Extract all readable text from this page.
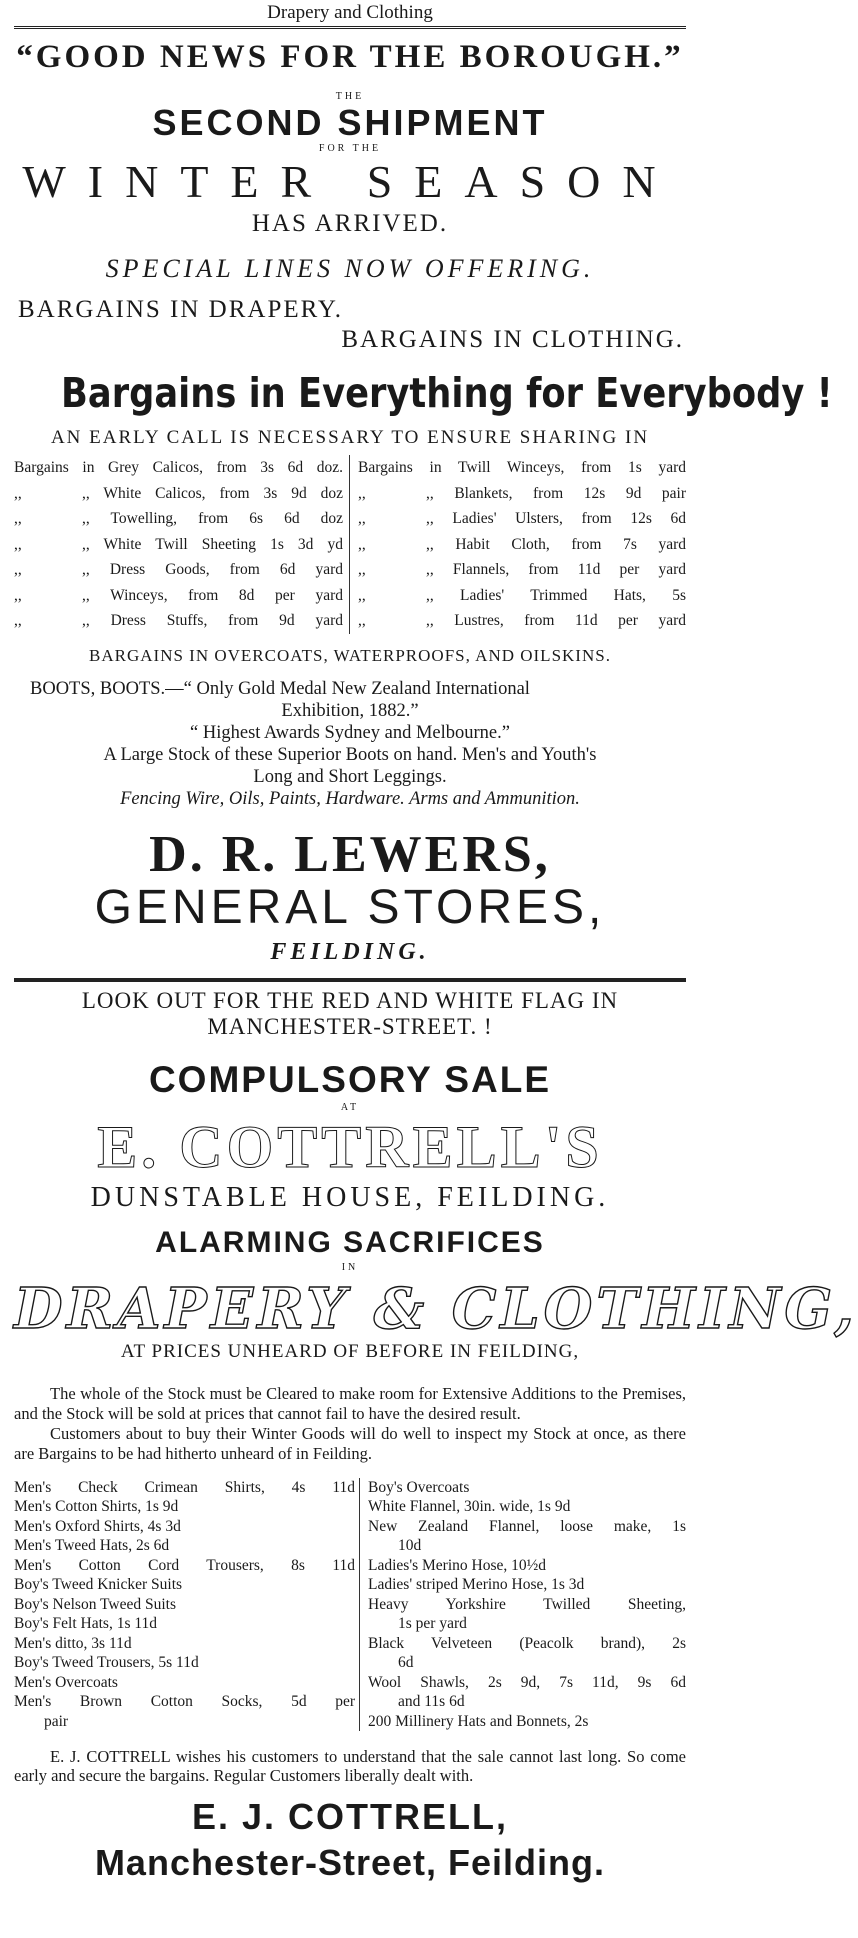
Drapery and Clothing
“GOOD NEWS FOR THE BOROUGH.”
THE
SECOND SHIPMENT
FOR THE
WINTER SEASON
HAS ARRIVED.
SPECIAL LINES NOW OFFERING.
BARGAINS IN DRAPERY.
BARGAINS IN CLOTHING.
Bargains in Everything for Everybody !
AN EARLY CALL IS NECESSARY TO ENSURE SHARING IN
Bargains in Grey Calicos, from 3s 6d doz.
,,	,, White Calicos, from 3s 9d doz
,,	,, Towelling, from 6s 6d doz
,,	,, White Twill Sheeting 1s 3d yd
,,	,, Dress Goods, from 6d yard
,,	,, Winceys, from 8d per yard
,,	,, Dress Stuffs, from 9d yard
Bargains in Twill Winceys, from 1s yard
,,	,, Blankets, from 12s 9d pair
,,	,, Ladies' Ulsters, from 12s 6d
,,	,, Habit Cloth, from 7s yard
,,	,, Flannels, from 11d per yard
,,	,, Ladies' Trimmed Hats, 5s
,,	,, Lustres, from 11d per yard
BARGAINS IN OVERCOATS, WATERPROOFS, AND OILSKINS.

BOOTS, BOOTS.—“ Only Gold Medal New Zealand International

Exhibition, 1882.”

“ Highest Awards Sydney and Melbourne.”

A Large Stock of these Superior Boots on hand. Men's and Youth's

Long and Short Leggings.

Fencing Wire, Oils, Paints, Hardware. Arms and Ammunition.

D. R. LEWERS,
GENERAL STORES,
FEILDING.
LOOK OUT FOR THE RED AND WHITE FLAG IN
MANCHESTER-STREET. !
COMPULSORY SALE
AT
E. COTTRELL'S
DUNSTABLE HOUSE, FEILDING.
ALARMING SACRIFICES
IN
DRAPERY & CLOTHING,
AT PRICES UNHEARD OF BEFORE IN FEILDING,

The whole of the Stock must be Cleared to make room for Extensive Additions to the Premises, and the Stock will be sold at prices that cannot fail to have the desired result.

Customers about to buy their Winter Goods will do well to inspect my Stock at once, as there are Bargains to be had hitherto unheard of in Feilding.

Men's Check Crimean Shirts, 4s 11d
Men's Cotton Shirts, 1s 9d
Men's Oxford Shirts, 4s 3d
Men's Tweed Hats, 2s 6d
Men's Cotton Cord Trousers, 8s 11d
Boy's Tweed Knicker Suits
Boy's Nelson Tweed Suits
Boy's Felt Hats, 1s 11d
Men's ditto, 3s 11d
Boy's Tweed Trousers, 5s 11d
Men's Overcoats
Men's Brown Cotton Socks, 5d per
pair
Boy's Overcoats
White Flannel, 30in. wide, 1s 9d
New Zealand Flannel, loose make, 1s
10d
Ladies's Merino Hose, 10½d
Ladies' striped Merino Hose, 1s 3d
Heavy Yorkshire Twilled Sheeting,
1s per yard
Black Velveteen (Peacolk brand), 2s
6d
Wool Shawls, 2s 9d, 7s 11d, 9s 6d
and 11s 6d
200 Millinery Hats and Bonnets, 2s

E. J. COTTRELL wishes his customers to understand that the sale cannot last long. So come early and secure the bargains. Regular Customers liberally dealt with.

E. J. COTTRELL,
Manchester-Street, Feilding.
